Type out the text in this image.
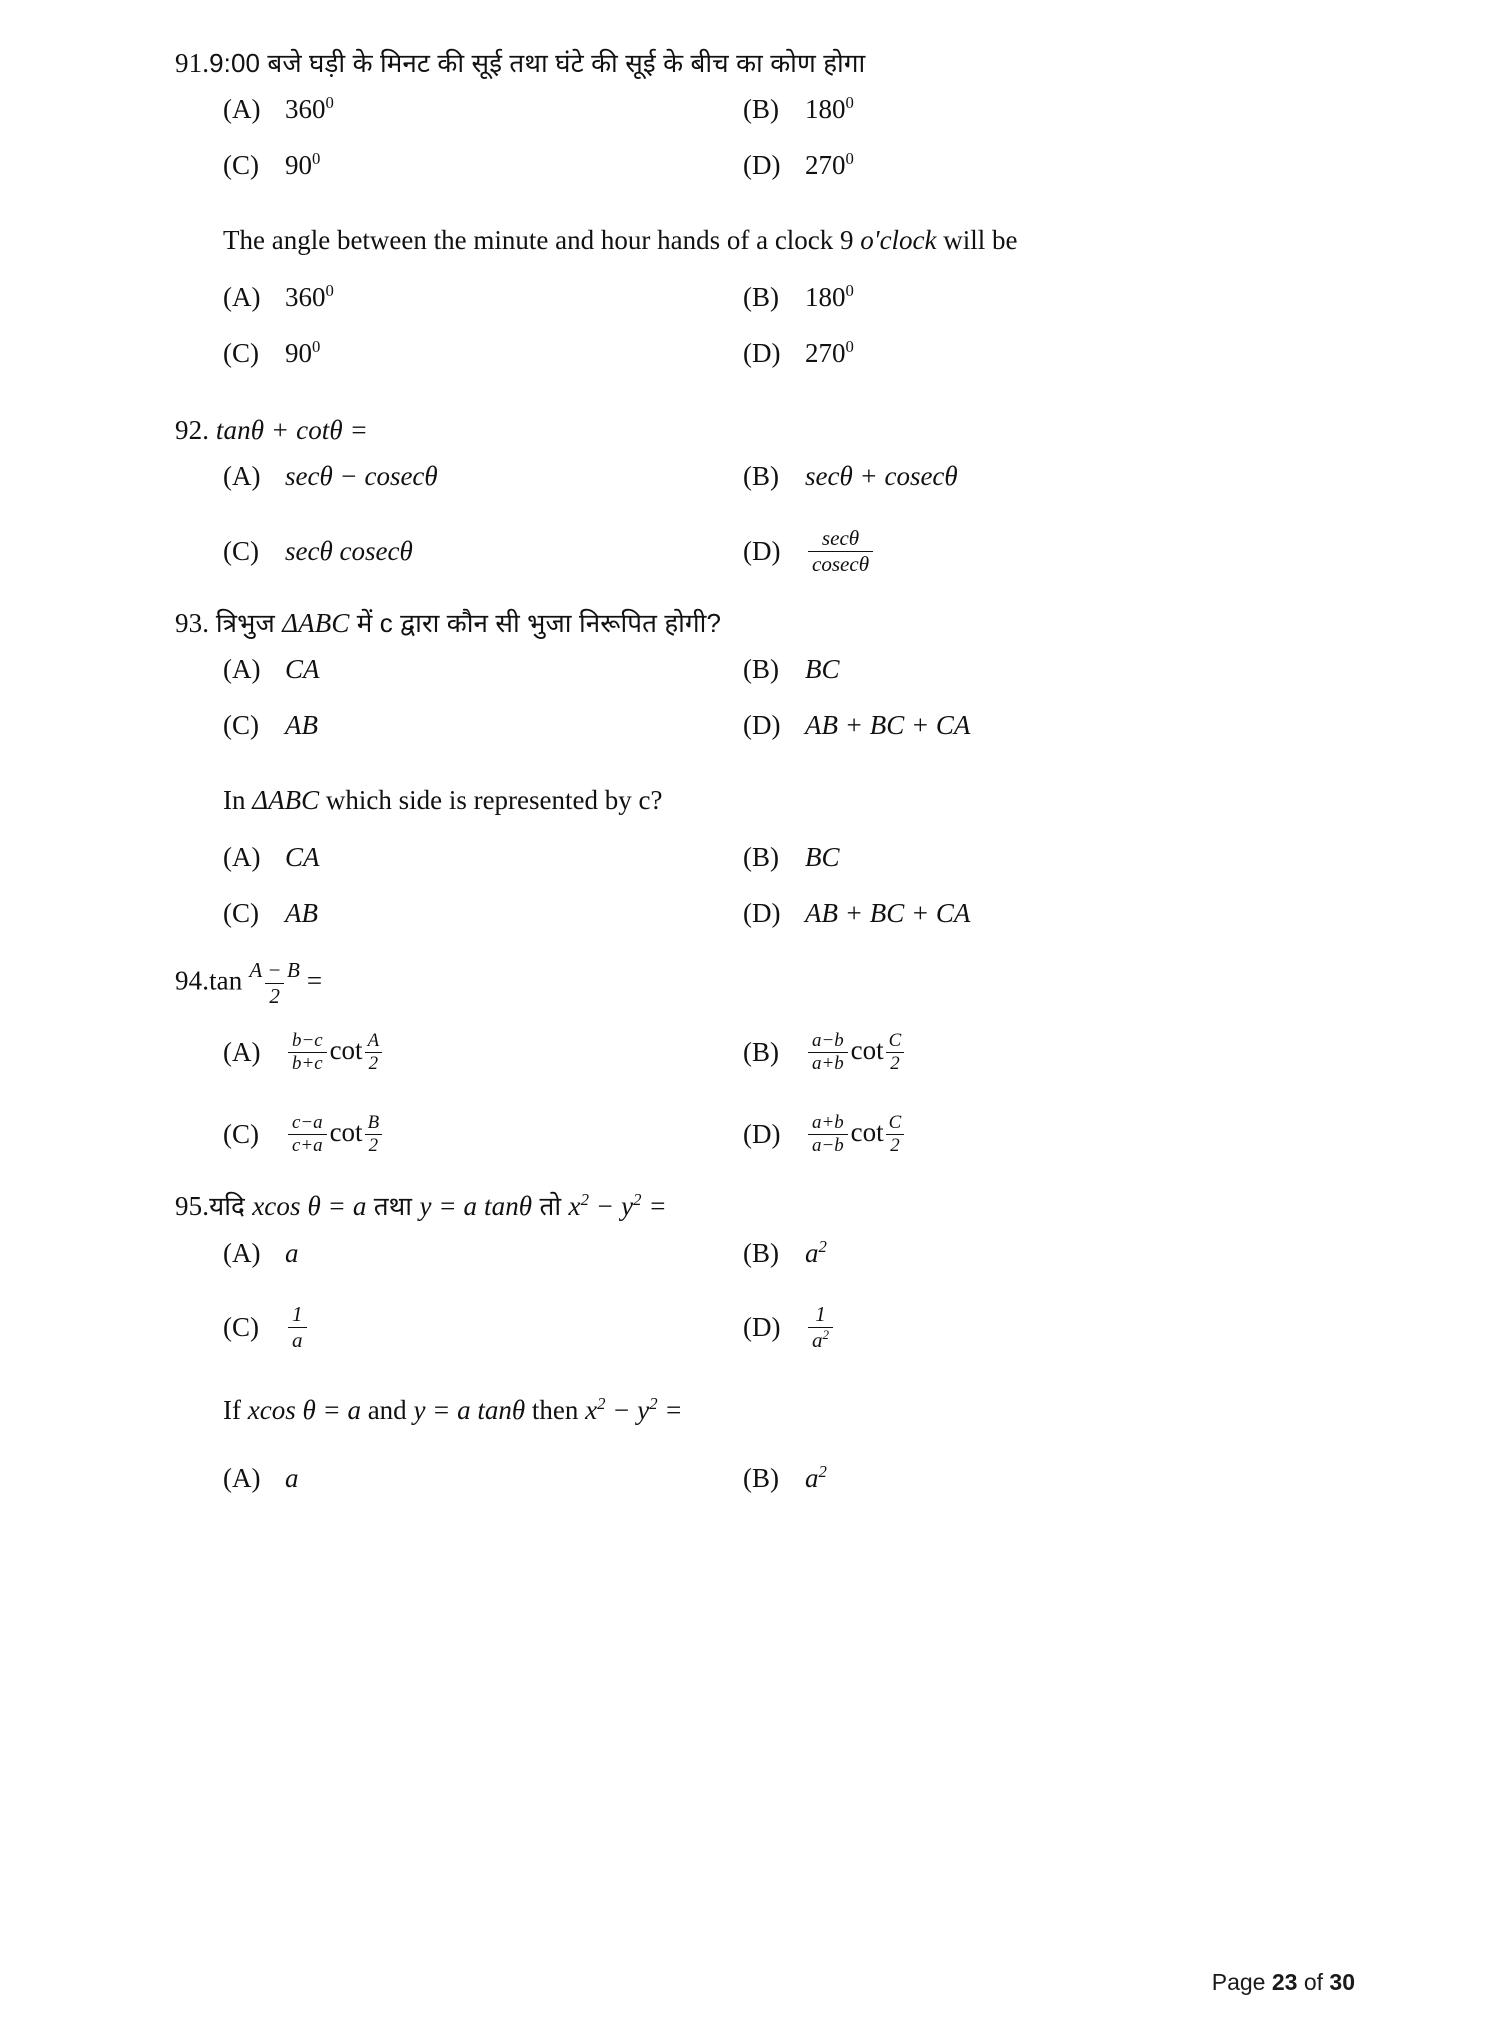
91.9:00 बजे घड़ी के मिनट की सूई तथा घंटे की सूई के बीच का कोण होगा
(A) $360^0$	(B) $180^0$
(C) $90^0$	(D) $270^0$
The angle between the minute and hour hands of a clock 9 o'clock will be
(A) $360^0$	(B) $180^0$
(C) $90^0$	(D) $270^0$
92. tanθ + cotθ =
(A) secθ − cosecθ	(B) secθ + cosecθ
(C) secθ cosecθ	(D)	$\frac{\sec\theta}{cosec\theta}$
93. त्रिभुज ΔABC में c द्वारा कौन सी भुजा निरूपित होगी?
(A) CA	(B) BC
(C) AB	(D) AB + BC + CA
In ΔABC which side is represented by c?
(A) CA	(B) BC
(C) AB	(D) AB + BC + CA
$94.\tan \frac{A - B}{2}$ =
(A)	$\frac{b-c}{b+c}$ $\cot \frac{A}{2}$	(B)	$\frac{a-b}{a+b}$ $\cot \frac{C}{2}$
(C)	$\frac{c-a}{c+a}$ $\cot \frac{B}{2}$	(D)	$\frac{a+b}{a-b}$ $\cot \frac{C}{2}$
95.यदि xcos θ = a तथा y = a tanθ तो $x^2 - y^2$ =
(A) a	(B) $a^2$
(C)	$\frac{1}{a}$	(D)	$\frac{1}{a^2}$
If xcos θ = a and y = a tanθ then $x^2 - y^2$ =
(A) a	(B) $a^2$
Page 23 of 30
